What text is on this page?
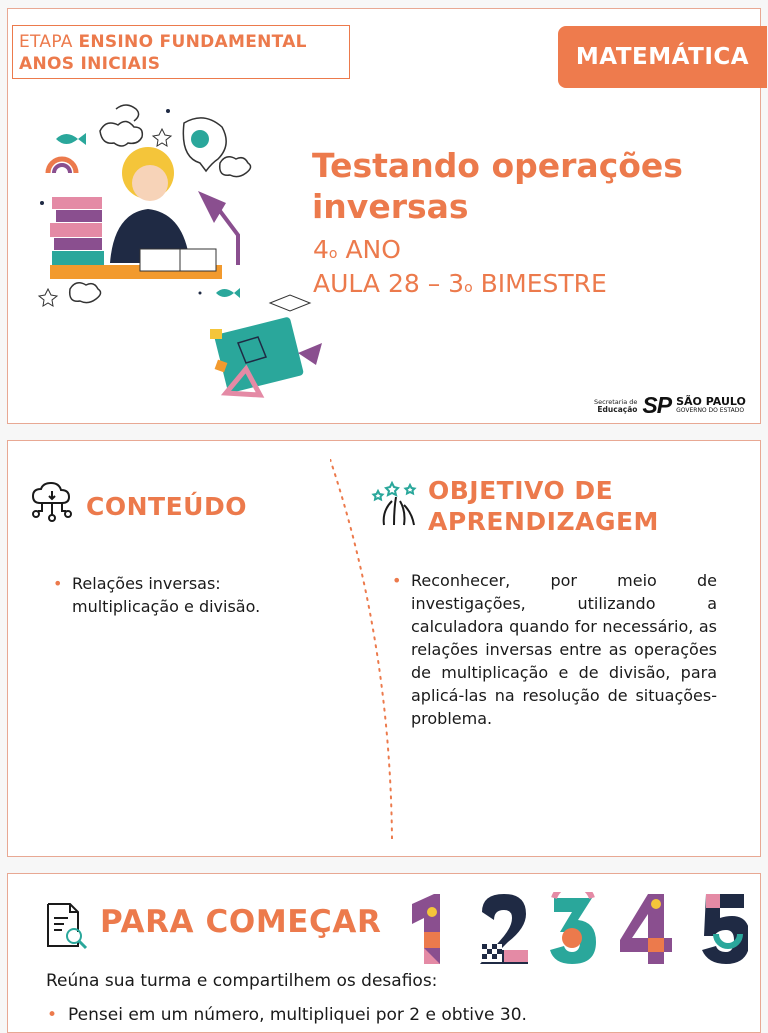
ETAPA ENSINO FUNDAMENTAL
ANOS INICIAIS	MATEMÁTICA
Testando operações
inversas
4$^o$ ANO
AULA 28 – 3$^o$ BIMESTRE
Secretaria de
Educação SP SÃO PAULO
GOVERNO DO ESTADO
CONTEÚDO
OBJETIVO DE
APRENDIZAGEM
• Relações inversas: multiplicação e divisão.
• Reconhecer, por meio de investigações, utilizando a calculadora quando for necessário, as relações inversas entre as operações de multiplicação e de divisão, para aplicá-las na resolução de situações-problema.
PARA COMEÇAR
Reúna sua turma e compartilhem os desafios:
• Pensei em um número, multipliquei por 2 e obtive 30.
